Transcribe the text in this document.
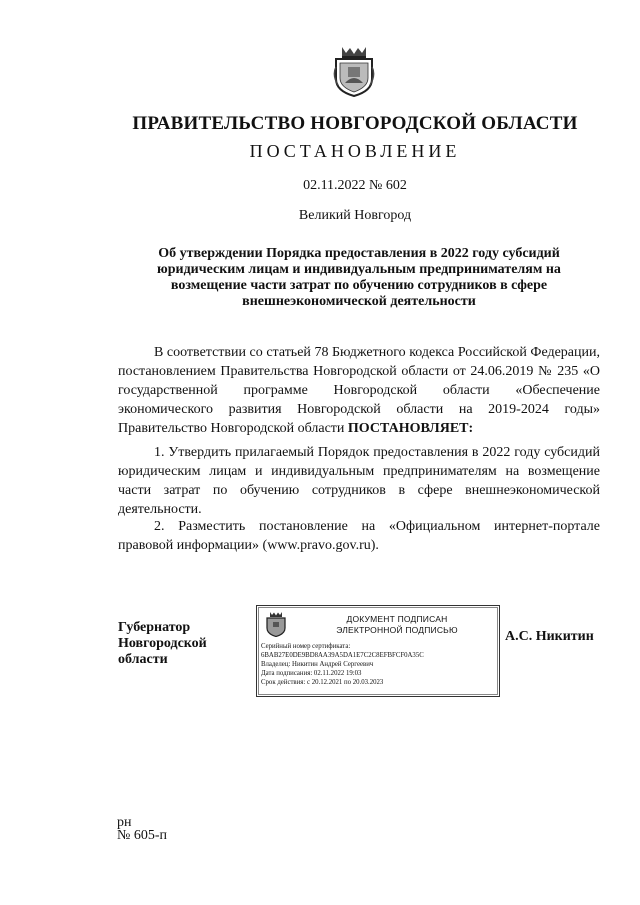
ПРАВИТЕЛЬСТВО НОВГОРОДСКОЙ ОБЛАСТИ
ПОСТАНОВЛЕНИЕ
02.11.2022 № 602
Великий Новгород
Об утверждении Порядка предоставления в 2022 году субсидий
юридическим лицам и индивидуальным предпринимателям на
возмещение части затрат по обучению сотрудников в сфере
внешнеэкономической деятельности
В соответствии со статьей 78 Бюджетного кодекса Российской Федерации, постановлением Правительства Новгородской области от 24.06.2019 № 235 «О государственной программе Новгородской области «Обеспечение экономического развития Новгородской области на 2019-2024 годы» Правительство Новгородской области ПОСТАНОВЛЯЕТ:
1. Утвердить прилагаемый Порядок предоставления в 2022 году субсидий юридическим лицам и индивидуальным предпринимателям на возмещение части затрат по обучению сотрудников в сфере внешнеэкономической деятельности.
2. Разместить постановление на «Официальном интернет-портале правовой информации» (www.pravo.gov.ru).
Губернатор
Новгородской области
ДОКУМЕНТ ПОДПИСАН
ЭЛЕКТРОННОЙ ПОДПИСЬЮ
Серийный номер сертификата:
6BAB27E0DE9BD8AA39A5DA1E7C2C8EFBFCF0A35C
Владелец: Никитин Андрей Сергеевич
Дата подписания: 02.11.2022 19:03
Срок действия: с 20.12.2021 по 20.03.2023
А.С. Никитин
рн
№ 605-п
